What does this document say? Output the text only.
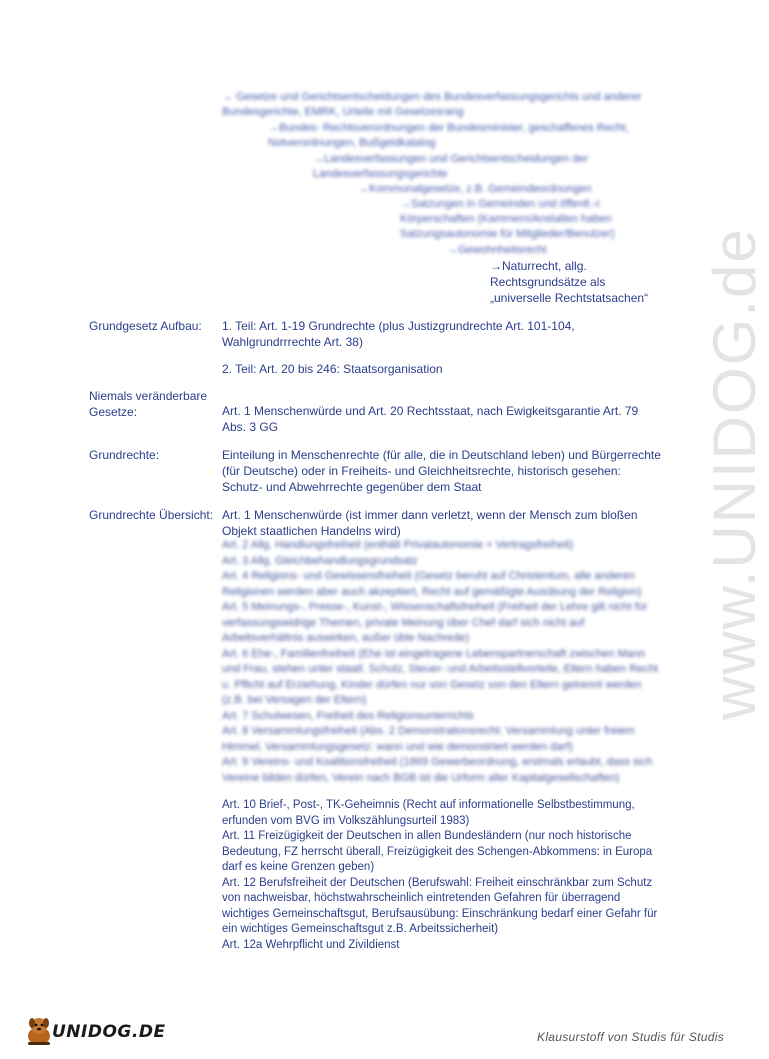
→ Gesetze und Gerichtsentscheidungen des Bundesverfassungsgerichts und anderer Bundesgerichte, EMRK, Urteile mit Gesetzesrang
→Bundes- Rechtsverordnungen der Bundesminister, geschaffenes Recht, Notverordnungen, Bußgeldkatalog
→Landesverfassungen und Gerichtsentscheidungen der Landesverfassungsgerichte
→Kommunalgesetze, z.B. Gemeindeordnungen
→Satzungen in Gemeinden und öffentl.-r. Körperschaften (Kammern/Anstalten haben Satzungsautonomie für Mitglieder/Benutzer)
→Gewohnheitsrecht
→Naturrecht, allg. Rechtsgrundsätze als „universelle Rechtstatsachen“
Grundgesetz Aufbau:	1. Teil: Art. 1-19 Grundrechte (plus Justizgrundrechte Art. 101-104, Wahlgrundrrrechte Art. 38)
2. Teil: Art. 20 bis 246: Staatsorganisation
Niemals veränderbare Gesetze:	Art. 1 Menschenwürde und Art. 20 Rechtsstaat, nach Ewigkeitsgarantie Art. 79 Abs. 3 GG
Grundrechte:	Einteilung in Menschenrechte (für alle, die in Deutschland leben) und Bürgerrechte (für Deutsche) oder in Freiheits- und Gleichheitsrechte, historisch gesehen: Schutz- und Abwehrrechte gegenüber dem Staat
Grundrechte Übersicht: Art. 1 Menschenwürde (ist immer dann verletzt, wenn der Mensch zum bloßen Objekt staatlichen Handelns wird)

Art. 2 Allg. Handlungsfreiheit (enthält Privatautonomie + Vertragsfreiheit)

Art. 3 Allg. Gleichbehandlungsgrundsatz

Art. 4 Religions- und Gewissensfreiheit (Gesetz beruht auf Christentum, alle anderen Religionen werden aber auch akzeptiert, Recht auf gemäßigte Ausübung der Religion)

Art. 5 Meinungs-, Presse-, Kunst-, Wissenschaftsfreiheit (Freiheit der Lehre gilt nicht für verfassungswidrige Themen, private Meinung über Chef darf sich nicht auf Arbeitsverhältnis auswirken, außer üble Nachrede)

Art. 6 Ehe-, Familienfreiheit (Ehe ist eingetragene Lebenspartnerschaft zwischen Mann und Frau, stehen unter staatl. Schutz, Steuer- und Arbeitsstellvorteile, Eltern haben Recht u. Pflicht auf Erziehung, Kinder dürfen nur von Gesetz von den Eltern getrennt werden (z.B. bei Versagen der Eltern)

Art. 7 Schulwesen, Freiheit des Religionsunterrichts

Art. 8 Versammlungsfreiheit (Abs. 2 Demonstrationsrecht: Versammlung unter freiem Himmel, Versammlungsgesetz: wann und wie demonstriert werden darf)

Art. 9 Vereins- und Koalitionsfreiheit (1869 Gewerbeordnung, erstmals erlaubt, dass sich Vereine bilden dürfen, Verein nach BGB ist die Urform aller Kapitalgesellschaften)

Art. 10 Brief-, Post-, TK-Geheimnis (Recht auf informationelle Selbstbestimmung, erfunden vom BVG im Volkszählungsurteil 1983)

Art. 11 Freizügigkeit der Deutschen in allen Bundesländern (nur noch historische Bedeutung, FZ herrscht überall, Freizügigkeit des Schengen-Abkommens: in Europa darf es keine Grenzen geben)

Art. 12 Berufsfreiheit der Deutschen (Berufswahl: Freiheit einschränkbar zum Schutz von nachweisbar, höchstwahrscheinlich eintretenden Gefahren für überragend wichtiges Gemeinschaftsgut, Berufsausübung: Einschränkung bedarf einer Gefahr für ein wichtiges Gemeinschaftsgut z.B. Arbeitssicherheit)

Art. 12a Wehrpflicht und Zivildienst

www.UNIDOG.de
UNIDOG.DE	Klausurstoff von Studis für Studis
